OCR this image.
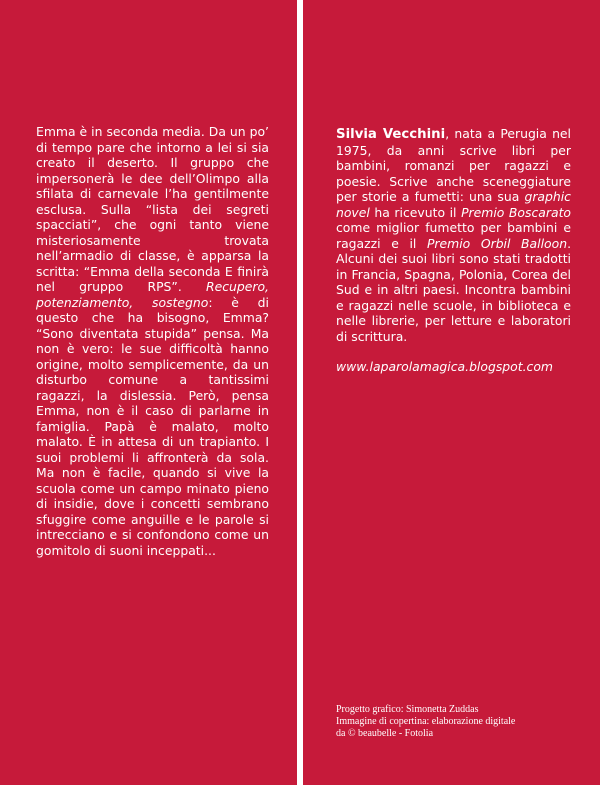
Emma è in seconda media. Da un po’ di tempo pare che intorno a lei si sia creato il deserto. Il gruppo che impersonerà le dee dell’Olimpo alla sfilata di carnevale l’ha gentilmente esclusa. Sulla “lista dei segreti spacciati”, che ogni tanto viene misteriosamente trovata nell’armadio di classe, è apparsa la scritta: “Emma della seconda E finirà nel gruppo RPS”. Recupero, potenziamento, sostegno: è di questo che ha bisogno, Emma? “Sono diventata stupida” pensa. Ma non è vero: le sue difficoltà hanno origine, molto semplicemente, da un disturbo comune a tantissimi ragazzi, la dislessia. Però, pensa Emma, non è il caso di parlarne in famiglia. Papà è malato, molto malato. È in attesa di un trapianto. I suoi problemi li affronterà da sola. Ma non è facile, quando si vive la scuola come un campo minato pieno di insidie, dove i concetti sembrano sfuggire come anguille e le parole si intrecciano e si confondono come un gomitolo di suoni inceppati...

Silvia Vecchini, nata a Perugia nel 1975, da anni scrive libri per bambini, romanzi per ragazzi e poesie. Scrive anche sceneggiature per storie a fumetti: una sua graphic novel ha ricevuto il Premio Boscarato come miglior fumetto per bambini e ragazzi e il Premio Orbil Balloon. Alcuni dei suoi libri sono stati tradotti in Francia, Spagna, Polonia, Corea del Sud e in altri paesi. Incontra bambini e ragazzi nelle scuole, in biblioteca e nelle librerie, per letture e laboratori di scrittura.

www.laparolamagica.blogspot.com
Progetto grafico: Simonetta Zuddas
Immagine di copertina: elaborazione digitale
da © beaubelle - Fotolia
